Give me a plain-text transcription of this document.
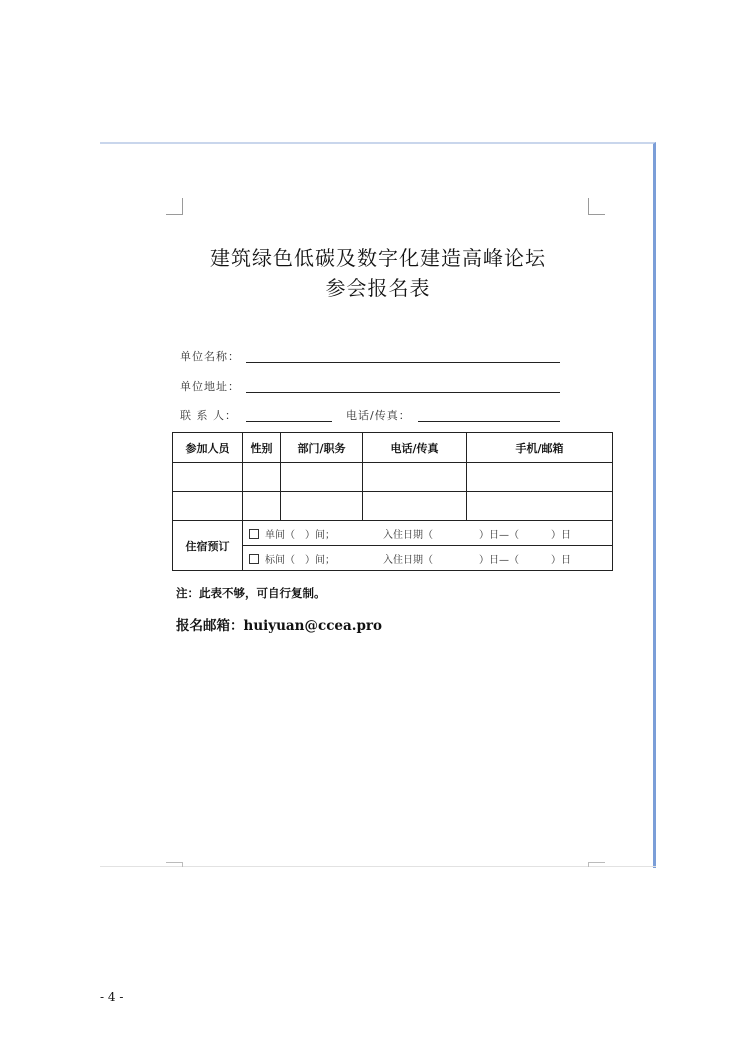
建筑绿色低碳及数字化建造高峰论坛
参会报名表
单位名称：
单位地址：
联 系 人：	电话/传真：
参加人员	性别	部门/职务	电话/传真	手机/邮箱

住宿预订	单间（　）间； 入住日期（ ）日—（ ）日			
	标间（　）间； 入住日期（ ）日—（ ）日			
注：此表不够，可自行复制。
报名邮箱：huiyuan@ccea.pro
- 4 -
